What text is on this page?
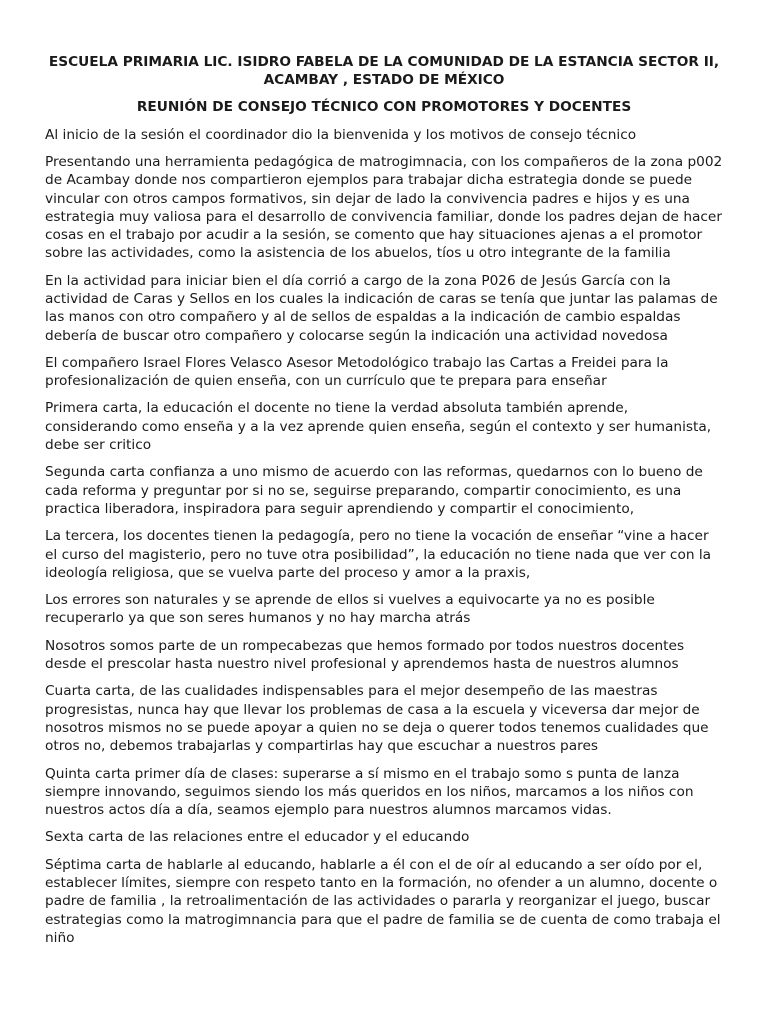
ESCUELA PRIMARIA LIC. ISIDRO FABELA DE LA COMUNIDAD DE LA ESTANCIA SECTOR II,
ACAMBAY , ESTADO DE MÉXICO
REUNIÓN DE CONSEJO TÉCNICO CON PROMOTORES Y DOCENTES

Al inicio de la sesión el coordinador dio la bienvenida y los motivos de consejo técnico

Presentando una herramienta pedagógica de matrogimnacia, con los compañeros de la zona p002 de Acambay donde nos compartieron ejemplos para trabajar dicha estrategia donde se puede vincular con otros campos formativos, sin dejar de lado la convivencia padres e hijos y es una estrategia muy valiosa para el desarrollo de convivencia familiar, donde los padres dejan de hacer cosas en el trabajo por acudir a la sesión, se comento que hay situaciones ajenas a el promotor sobre las actividades, como la asistencia de los abuelos, tíos u otro integrante de la familia

En la actividad para iniciar bien el día corrió a cargo de la zona P026 de Jesús García con la actividad de Caras y Sellos en los cuales la indicación de caras se tenía que juntar las palamas de las manos con otro compañero y al de sellos de espaldas a la indicación de cambio espaldas debería de buscar otro compañero y colocarse según la indicación una actividad novedosa

El compañero Israel Flores Velasco Asesor Metodológico trabajo las Cartas a Freidei para la profesionalización de quien enseña, con un currículo que te prepara para enseñar

Primera carta, la educación el docente no tiene la verdad absoluta también aprende, considerando como enseña y a la vez aprende quien enseña, según el contexto y ser humanista, debe ser critico

Segunda carta confianza a uno mismo de acuerdo con las reformas, quedarnos con lo bueno de cada reforma y preguntar por si no se, seguirse preparando, compartir conocimiento, es una practica liberadora, inspiradora para seguir aprendiendo y compartir el conocimiento,

La tercera, los docentes tienen la pedagogía, pero no tiene la vocación de enseñar “vine a hacer el curso del magisterio, pero no tuve otra posibilidad”, la educación no tiene nada que ver con la ideología religiosa, que se vuelva parte del proceso y amor a la praxis,

Los errores son naturales y se aprende de ellos si vuelves a equivocarte ya no es posible recuperarlo ya que son seres humanos y no hay marcha atrás

Nosotros somos parte de un rompecabezas que hemos formado por todos nuestros docentes desde el prescolar hasta nuestro nivel profesional y aprendemos hasta de nuestros alumnos

Cuarta carta, de las cualidades indispensables para el mejor desempeño de las maestras progresistas, nunca hay que llevar los problemas de casa a la escuela y viceversa dar mejor de nosotros mismos no se puede apoyar a quien no se deja o querer todos tenemos cualidades que otros no, debemos trabajarlas y compartirlas hay que escuchar a nuestros pares

Quinta carta primer día de clases: superarse a sí mismo en el trabajo somo s punta de lanza siempre innovando, seguimos siendo los más queridos en los niños, marcamos a los niños con nuestros actos día a día, seamos ejemplo para nuestros alumnos marcamos vidas.

Sexta carta de las relaciones entre el educador y el educando

Séptima carta de hablarle al educando, hablarle a él con el de oír al educando a ser oído por el, establecer límites, siempre con respeto tanto en la formación, no ofender a un alumno, docente o padre de familia , la retroalimentación de las actividades o pararla y reorganizar el juego, buscar estrategias como la matrogimnancia para que el padre de familia se de cuenta de como trabaja el niño
